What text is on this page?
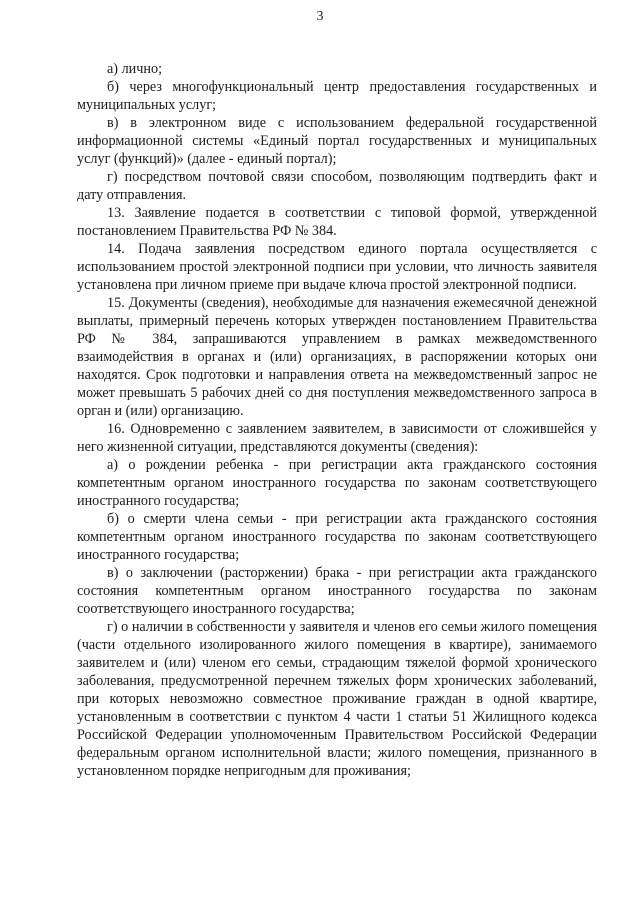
3

а) лично;

б) через многофункциональный центр предоставления государственных и муниципальных услуг;

в) в электронном виде с использованием федеральной государственной информационной системы «Единый портал государственных и муниципальных услуг (функций)» (далее - единый портал);

г) посредством почтовой связи способом, позволяющим подтвердить факт и дату отправления.

13. Заявление подается в соответствии с типовой формой, утвержденной постановлением Правительства РФ № 384.

14. Подача заявления посредством единого портала осуществляется с использованием простой электронной подписи при условии, что личность заявителя установлена при личном приеме при выдаче ключа простой электронной подписи.

15. Документы (сведения), необходимые для назначения ежемесячной денежной выплаты, примерный перечень которых утвержден постановлением Правительства РФ № 384, запрашиваются управлением в рамках межведомственного взаимодействия в органах и (или) организациях, в распоряжении которых они находятся. Срок подготовки и направления ответа на межведомственный запрос не может превышать 5 рабочих дней со дня поступления межведомственного запроса в орган и (или) организацию.

16. Одновременно с заявлением заявителем, в зависимости от сложившейся у него жизненной ситуации, представляются документы (сведения):

а) о рождении ребенка - при регистрации акта гражданского состояния компетентным органом иностранного государства по законам соответствующего иностранного государства;

б) о смерти члена семьи - при регистрации акта гражданского состояния компетентным органом иностранного государства по законам соответствующего иностранного государства;

в) о заключении (расторжении) брака - при регистрации акта гражданского состояния компетентным органом иностранного государства по законам соответствующего иностранного государства;

г) о наличии в собственности у заявителя и членов его семьи жилого помещения (части отдельного изолированного жилого помещения в квартире), занимаемого заявителем и (или) членом его семьи, страдающим тяжелой формой хронического заболевания, предусмотренной перечнем тяжелых форм хронических заболеваний, при которых невозможно совместное проживание граждан в одной квартире, установленным в соответствии с пунктом 4 части 1 статьи 51 Жилищного кодекса Российской Федерации уполномоченным Правительством Российской Федерации федеральным органом исполнительной власти; жилого помещения, признанного в установленном порядке непригодным для проживания;
